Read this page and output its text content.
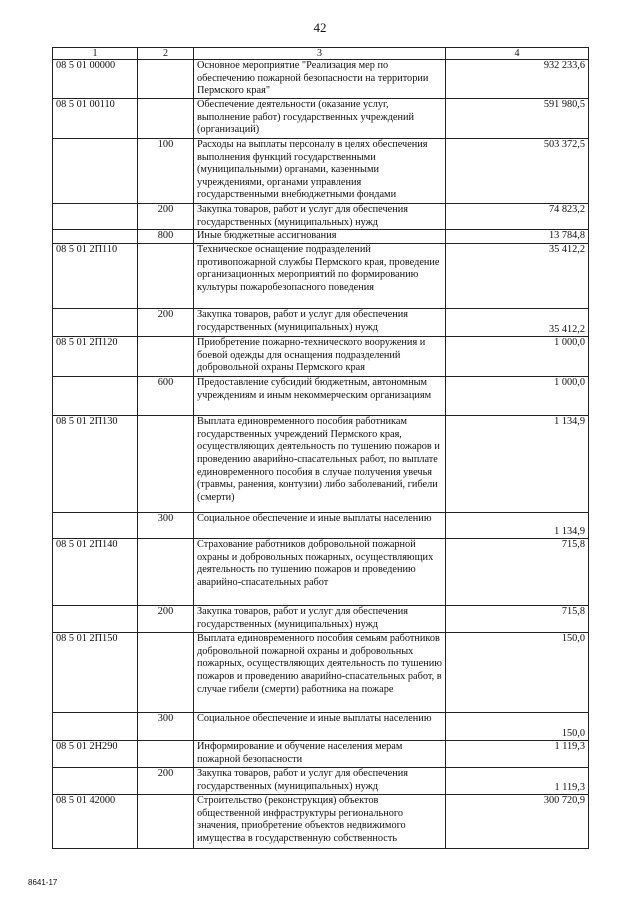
42
1	2	3	4
08 5 01 00000		Основное мероприятие "Реализация мер по обеспечению пожарной безопасности на территории Пермского края"	932 233,6
08 5 01 00110		Обеспечение деятельности (оказание услуг, выполнение работ) государственных учреждений (организаций)	591 980,5
	100	Расходы на выплаты персоналу в целях обеспечения выполнения функций государственными (муниципальными) органами, казенными учреждениями, органами управления государственными внебюджетными фондами	503 372,5
	200	Закупка товаров, работ и услуг для обеспечения государственных (муниципальных) нужд	74 823,2
	800	Иные бюджетные ассигнования	13 784,8
08 5 01 2П110		Техническое оснащение подразделений противопожарной службы Пермского края, проведение организационных мероприятий по формированию культуры пожаробезопасного поведения	35 412,2
	200	Закупка товаров, работ и услуг для обеспечения государственных (муниципальных) нужд	35 412,2
08 5 01 2П120		Приобретение пожарно-технического вооружения и боевой одежды для оснащения подразделений добровольной охраны Пермского края	1 000,0
	600	Предоставление субсидий бюджетным, автономным учреждениям и иным некоммерческим организациям	1 000,0
08 5 01 2П130		Выплата единовременного пособия работникам государственных учреждений Пермского края, осуществляющих деятельность по тушению пожаров и проведению аварийно-спасательных работ, по выплате единовременного пособия в случае получения увечья (травмы, ранения, контузии) либо заболеваний, гибели (смерти)	1 134,9
	300	Социальное обеспечение и иные выплаты населению	1 134,9
08 5 01 2П140		Страхование работников добровольной пожарной охраны и добровольных пожарных, осуществляющих деятельность по тушению пожаров и проведению аварийно-спасательных работ	715,8
	200	Закупка товаров, работ и услуг для обеспечения государственных (муниципальных) нужд	715,8
08 5 01 2П150		Выплата единовременного пособия семьям работников добровольной пожарной охраны и добровольных пожарных, осуществляющих деятельность по тушению пожаров и проведению аварийно-спасательных работ, в случае гибели (смерти) работника на пожаре	150,0
	300	Социальное обеспечение и иные выплаты населению	150,0
08 5 01 2Н290		Информирование и обучение населения мерам пожарной безопасности	1 119,3
	200	Закупка товаров, работ и услуг для обеспечения государственных (муниципальных) нужд	1 119,3
08 5 01 42000		Строительство (реконструкция) объектов общественной инфраструктуры регионального значения, приобретение объектов недвижимого имущества в государственную собственность	300 720,9
8641-17
